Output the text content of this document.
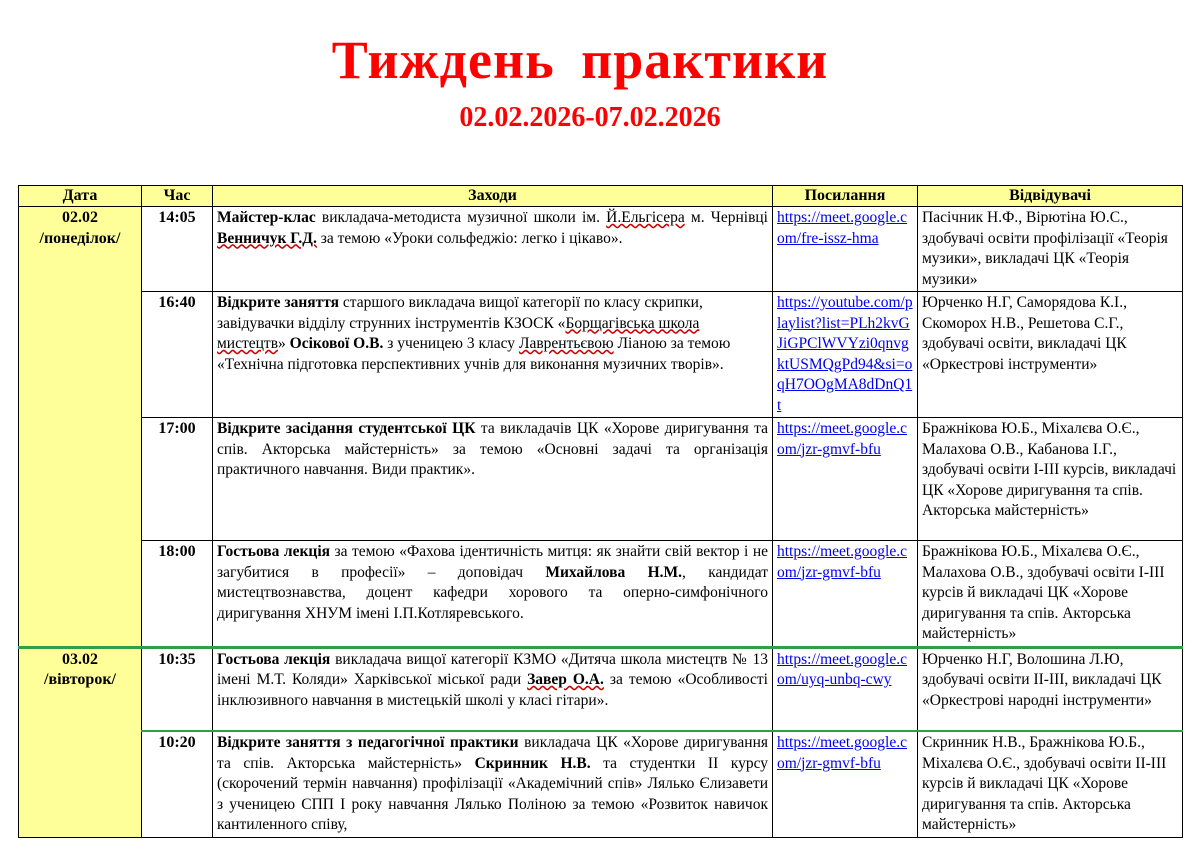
Тиждень практики
02.02.2026-07.02.2026
Дата	Час	Заходи	Посилання	Відвідувачі

02.02
/понеділок/	14:05	Майстер-клас викладача-методиста музичної школи ім. Й.Ельгісера м. Чернівці Венничук Г.Д. за темою «Уроки сольфеджіо: легко і цікаво».	https://meet.google.com/fre-issz-hma	Пасічник Н.Ф., Вірютіна Ю.С., здобувачі освіти профілізації «Теорія музики», викладачі ЦК «Теорія музики»
	16:40	Відкрите заняття старшого викладача вищої категорії по класу скрипки, завідувачки відділу струнних інструментів КЗОСК «Борщагівська школа мистецтв» Осікової О.В. з ученицею 3 класу Лаврентьєвою Ліаною за темою «Технічна підготовка перспективних учнів для виконання музичних творів».	https://youtube.com/playlist?list=PLh2kvGJiGPClWVYzi0qnvgktUSMQgPd94&si=oqH7OOgMA8dDnQ1t	Юрченко Н.Г, Саморядова К.І., Скоморох Н.В., Решетова С.Г., здобувачі освіти, викладачі ЦК «Оркестрові інструменти»
	17:00	Відкрите засідання студентської ЦК та викладачів ЦК «Хорове диригування та спів. Акторська майстерність» за темою «Основні задачі та організація практичного навчання. Види практик».	https://meet.google.com/jzr-gmvf-bfu	Бражнікова Ю.Б., Міхалєва О.Є., Малахова О.В., Кабанова І.Г., здобувачі освіти І-ІІІ курсів, викладачі ЦК «Хорове диригування та спів. Акторська майстерність»
	18:00	Гостьова лекція за темою «Фахова ідентичність митця: як знайти свій вектор і не загубитися в професії» – доповідач Михайлова Н.М., кандидат мистецтвознавства, доцент кафедри хорового та оперно-симфонічного диригування ХНУМ імені І.П.Котляревського.	https://meet.google.com/jzr-gmvf-bfu	Бражнікова Ю.Б., Міхалєва О.Є., Малахова О.В., здобувачі освіти І-ІІІ курсів й викладачі ЦК «Хорове диригування та спів. Акторська майстерність»

03.02
/вівторок/	10:35	Гостьова лекція викладача вищої категорії КЗМО «Дитяча школа мистецтв № 13 імені М.Т. Коляди» Харківської міської ради Завер О.А. за темою «Особливості інклюзивного навчання в мистецькій школі у класі гітари».	https://meet.google.com/uyq-unbq-cwy	Юрченко Н.Г, Волошина Л.Ю, здобувачі освіти ІІ-ІІІ, викладачі ЦК «Оркестрові народні інструменти»
	10:20	Відкрите заняття з педагогічної практики викладача ЦК «Хорове диригування та спів. Акторська майстерність» Скринник Н.В. та студентки ІІ курсу (скорочений термін навчання) профілізації «Академічний спів» Лялько Єлизавети з ученицею СПП І року навчання Лялько Поліною за темою «Розвиток навичок кантиленного співу,	https://meet.google.com/jzr-gmvf-bfu	Скринник Н.В., Бражнікова Ю.Б., Міхалєва О.Є., здобувачі освіти ІІ-ІІІ курсів й викладачі ЦК «Хорове диригування та спів. Акторська майстерність»
